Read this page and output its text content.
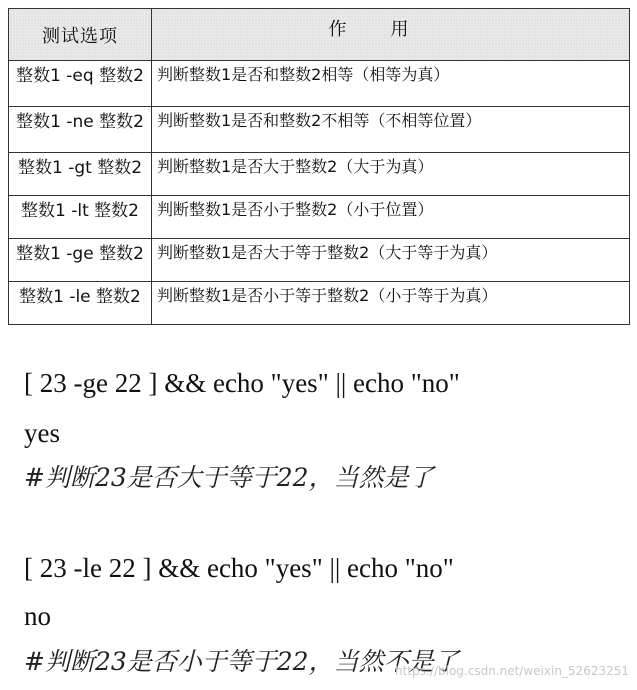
测试选项	作用
整数1 -eq 整数2	判断整数1是否和整数2相等（相等为真）
整数1 -ne 整数2	判断整数1是否和整数2不相等（不相等位置）
整数1 -gt 整数2	判断整数1是否大于整数2（大于为真）
整数1 -lt 整数2	判断整数1是否小于整数2（小于位置）
整数1 -ge 整数2	判断整数1是否大于等于整数2（大于等于为真）
整数1 -le 整数2	判断整数1是否小于等于整数2（小于等于为真）
[ 23 -ge 22 ] && echo "yes" || echo "no"
yes
#判断23是否大于等于22，当然是了
[ 23 -le 22 ] && echo "yes" || echo "no"
no
#判断23是否小于等于22，当然不是了
https://blog.csdn.net/weixin_52623251
